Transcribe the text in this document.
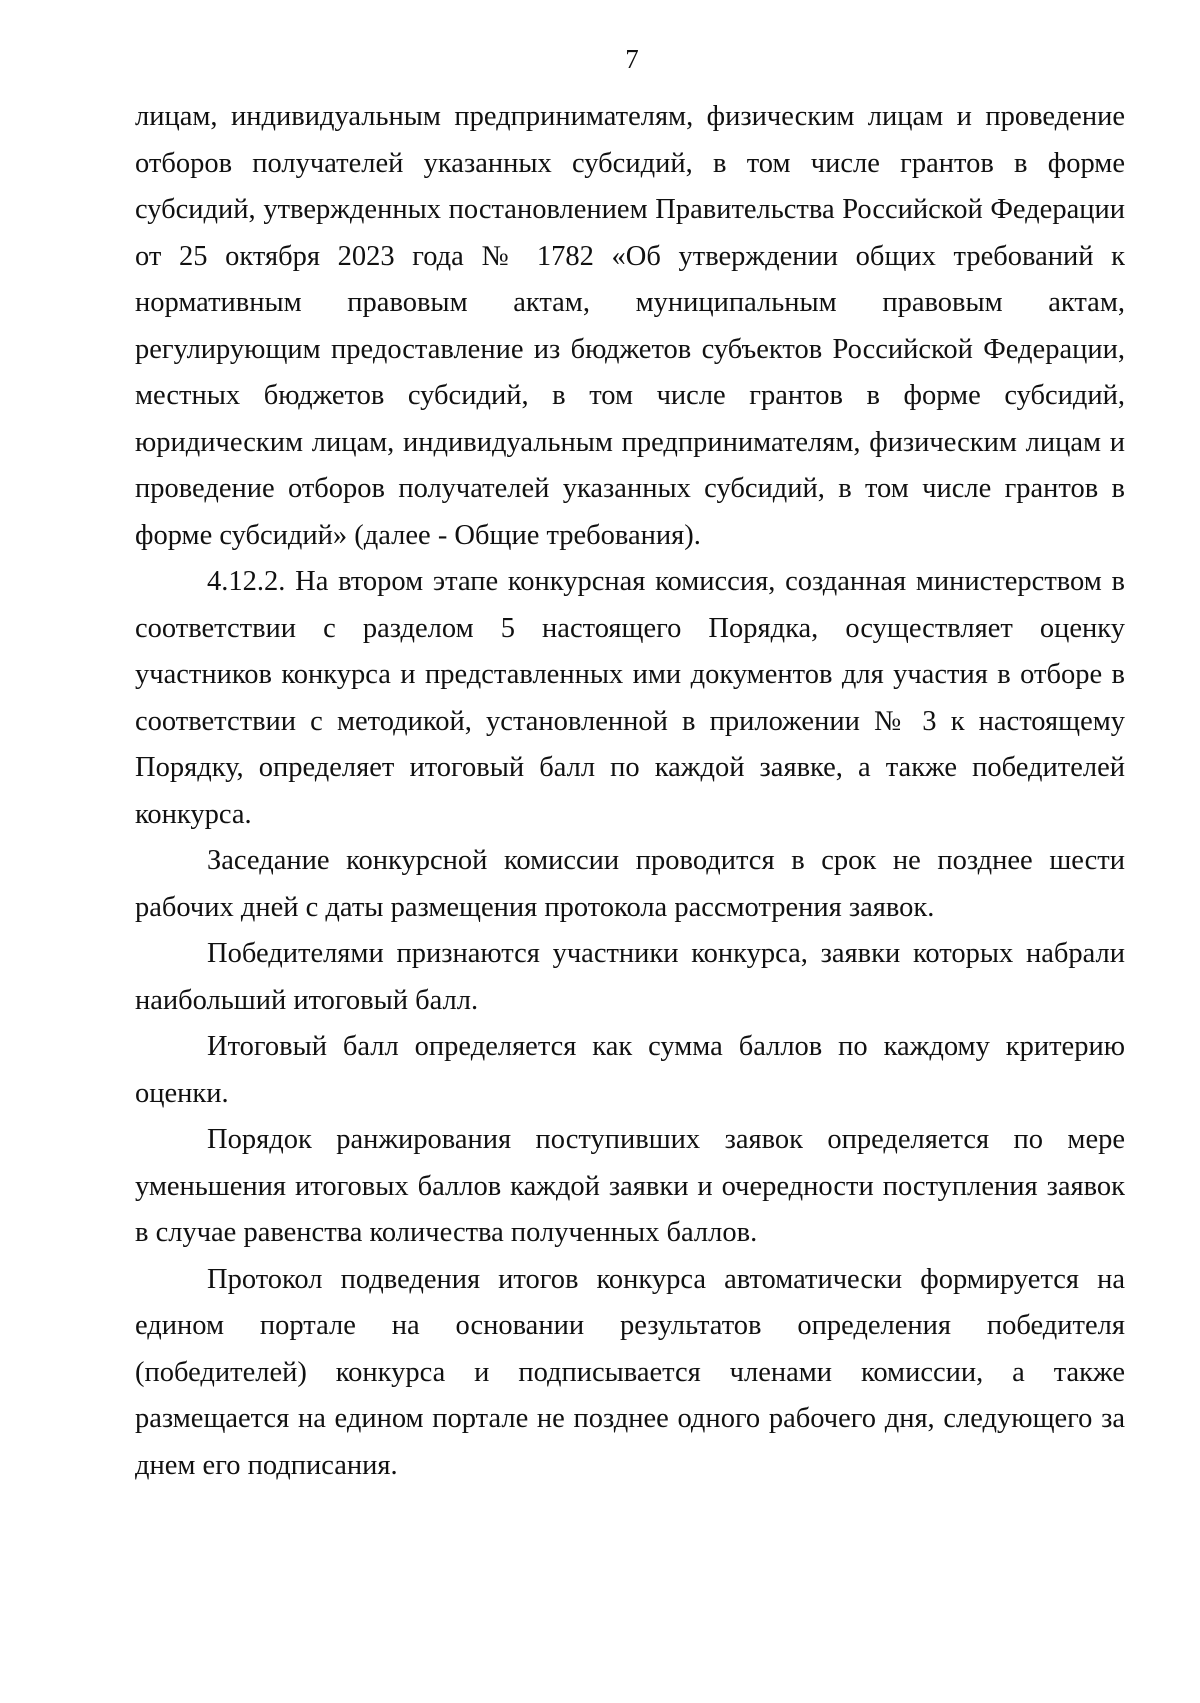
7

лицам, индивидуальным предпринимателям, физическим лицам и проведение отборов получателей указанных субсидий, в том числе грантов в форме субсидий, утвержденных постановлением Правительства Российской Федерации от 25 октября 2023 года № 1782 «Об утверждении общих требований к нормативным правовым актам, муниципальным правовым актам, регулирующим предоставление из бюджетов субъектов Российской Федерации, местных бюджетов субсидий, в том числе грантов в форме субсидий, юридическим лицам, индивидуальным предпринимателям, физическим лицам и проведение отборов получателей указанных субсидий, в том числе грантов в форме субсидий» (далее - Общие требования).

4.12.2. На втором этапе конкурсная комиссия, созданная министерством в соответствии с разделом 5 настоящего Порядка, осуществляет оценку участников конкурса и представленных ими документов для участия в отборе в соответствии с методикой, установленной в приложении № 3 к настоящему Порядку, определяет итоговый балл по каждой заявке, а также победителей конкурса.

Заседание конкурсной комиссии проводится в срок не позднее шести рабочих дней с даты размещения протокола рассмотрения заявок.

Победителями признаются участники конкурса, заявки которых набрали наибольший итоговый балл.

Итоговый балл определяется как сумма баллов по каждому критерию оценки.

Порядок ранжирования поступивших заявок определяется по мере уменьшения итоговых баллов каждой заявки и очередности поступления заявок в случае равенства количества полученных баллов.

Протокол подведения итогов конкурса автоматически формируется на едином портале на основании результатов определения победителя (победителей) конкурса и подписывается членами комиссии, а также размещается на едином портале не позднее одного рабочего дня, следующего за днем его подписания.
